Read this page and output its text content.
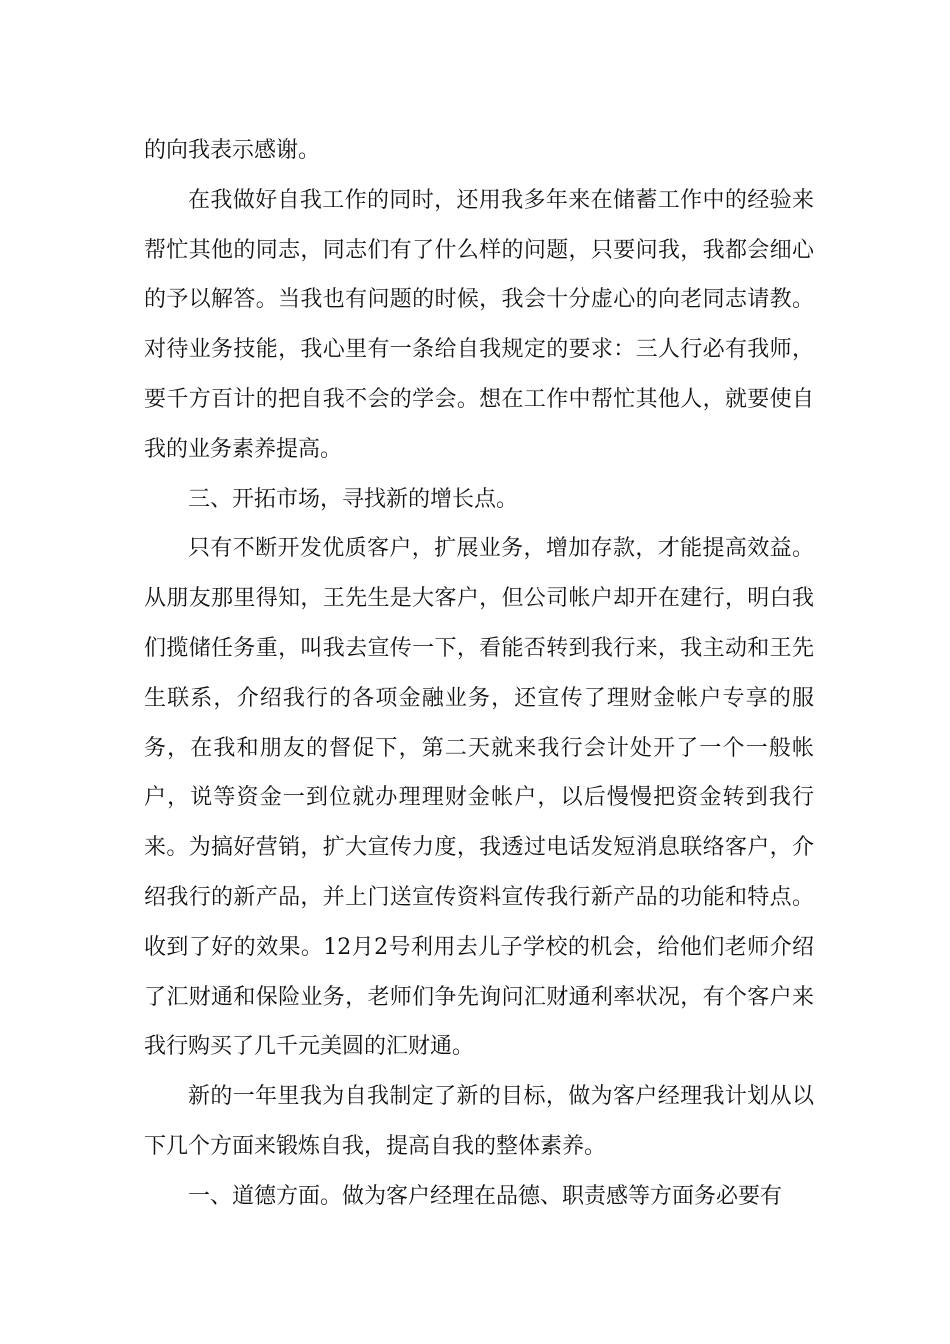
的向我表示感谢。

在我做好自我工作的同时，还用我多年来在储蓄工作中的经验来帮忙其他的同志，同志们有了什么样的问题，只要问我，我都会细心的予以解答。当我也有问题的时候，我会十分虚心的向老同志请教。对待业务技能，我心里有一条给自我规定的要求：三人行必有我师，要千方百计的把自我不会的学会。想在工作中帮忙其他人，就要使自我的业务素养提高。

三、开拓市场，寻找新的增长点。

只有不断开发优质客户，扩展业务，增加存款，才能提高效益。从朋友那里得知，王先生是大客户，但公司帐户却开在建行，明白我们揽储任务重，叫我去宣传一下，看能否转到我行来，我主动和王先生联系，介绍我行的各项金融业务，还宣传了理财金帐户专享的服务，在我和朋友的督促下，第二天就来我行会计处开了一个一般帐户，说等资金一到位就办理理财金帐户，以后慢慢把资金转到我行来。为搞好营销，扩大宣传力度，我透过电话发短消息联络客户，介绍我行的新产品，并上门送宣传资料宣传我行新产品的功能和特点。收到了好的效果。12月2号利用去儿子学校的机会，给他们老师介绍了汇财通和保险业务，老师们争先询问汇财通利率状况，有个客户来我行购买了几千元美圆的汇财通。

新的一年里我为自我制定了新的目标，做为客户经理我计划从以下几个方面来锻炼自我，提高自我的整体素养。

一、道德方面。做为客户经理在品德、职责感等方面务必要有
